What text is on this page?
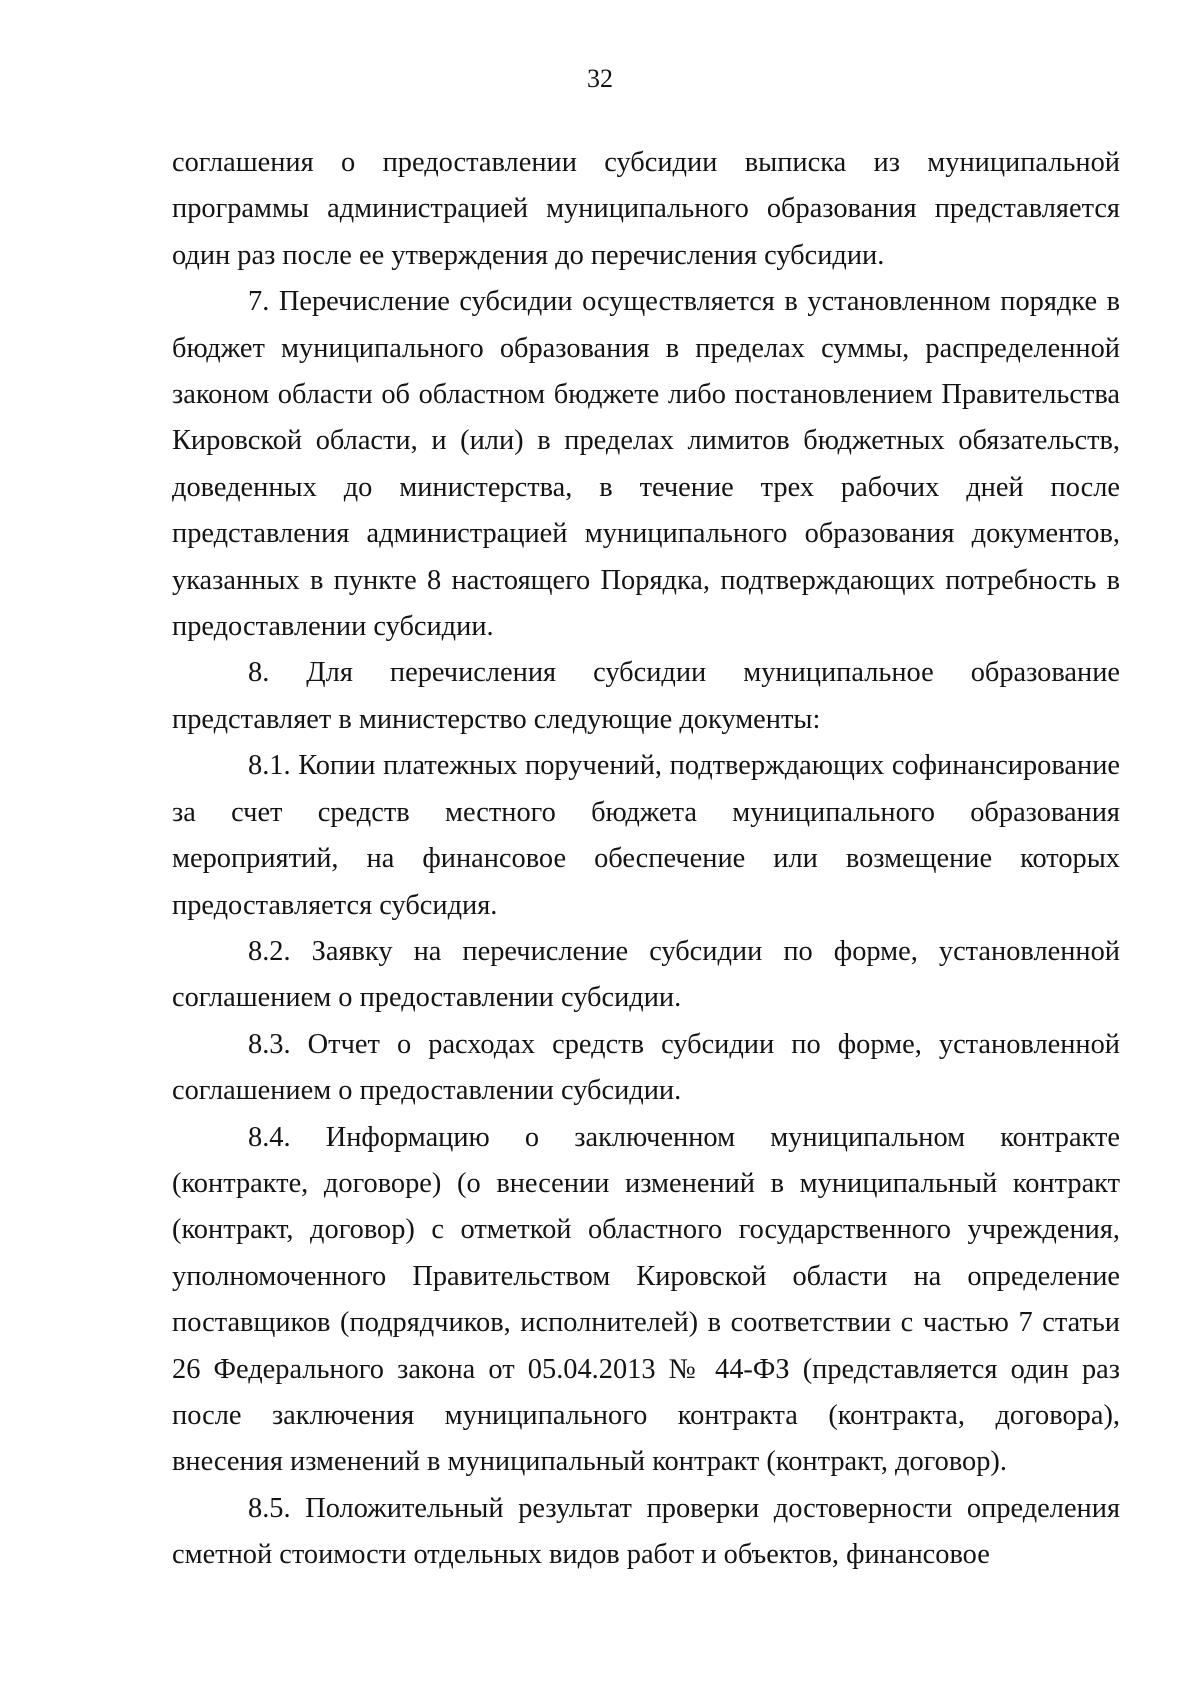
32

соглашения о предоставлении субсидии выписка из муниципальной программы администрацией муниципального образования представляется один раз после ее утверждения до перечисления субсидии.

7. Перечисление субсидии осуществляется в установленном порядке в бюджет муниципального образования в пределах суммы, распределенной законом области об областном бюджете либо постановлением Правительства Кировской области, и (или) в пределах лимитов бюджетных обязательств, доведенных до министерства, в течение трех рабочих дней после представления администрацией муниципального образования документов, указанных в пункте 8 настоящего Порядка, подтверждающих потребность в предоставлении субсидии.

8. Для перечисления субсидии муниципальное образование представляет в министерство следующие документы:

8.1. Копии платежных поручений, подтверждающих софинансирование за счет средств местного бюджета муниципального образования мероприятий, на финансовое обеспечение или возмещение которых предоставляется субсидия.

8.2. Заявку на перечисление субсидии по форме, установленной соглашением о предоставлении субсидии.

8.3. Отчет о расходах средств субсидии по форме, установленной соглашением о предоставлении субсидии.

8.4. Информацию о заключенном муниципальном контракте (контракте, договоре) (о внесении изменений в муниципальный контракт (контракт, договор) с отметкой областного государственного учреждения, уполномоченного Правительством Кировской области на определение поставщиков (подрядчиков, исполнителей) в соответствии с частью 7 статьи 26 Федерального закона от 05.04.2013 № 44-ФЗ (представляется один раз после заключения муниципального контракта (контракта, договора), внесения изменений в муниципальный контракт (контракт, договор).

8.5. Положительный результат проверки достоверности определения сметной стоимости отдельных видов работ и объектов, финансовое
